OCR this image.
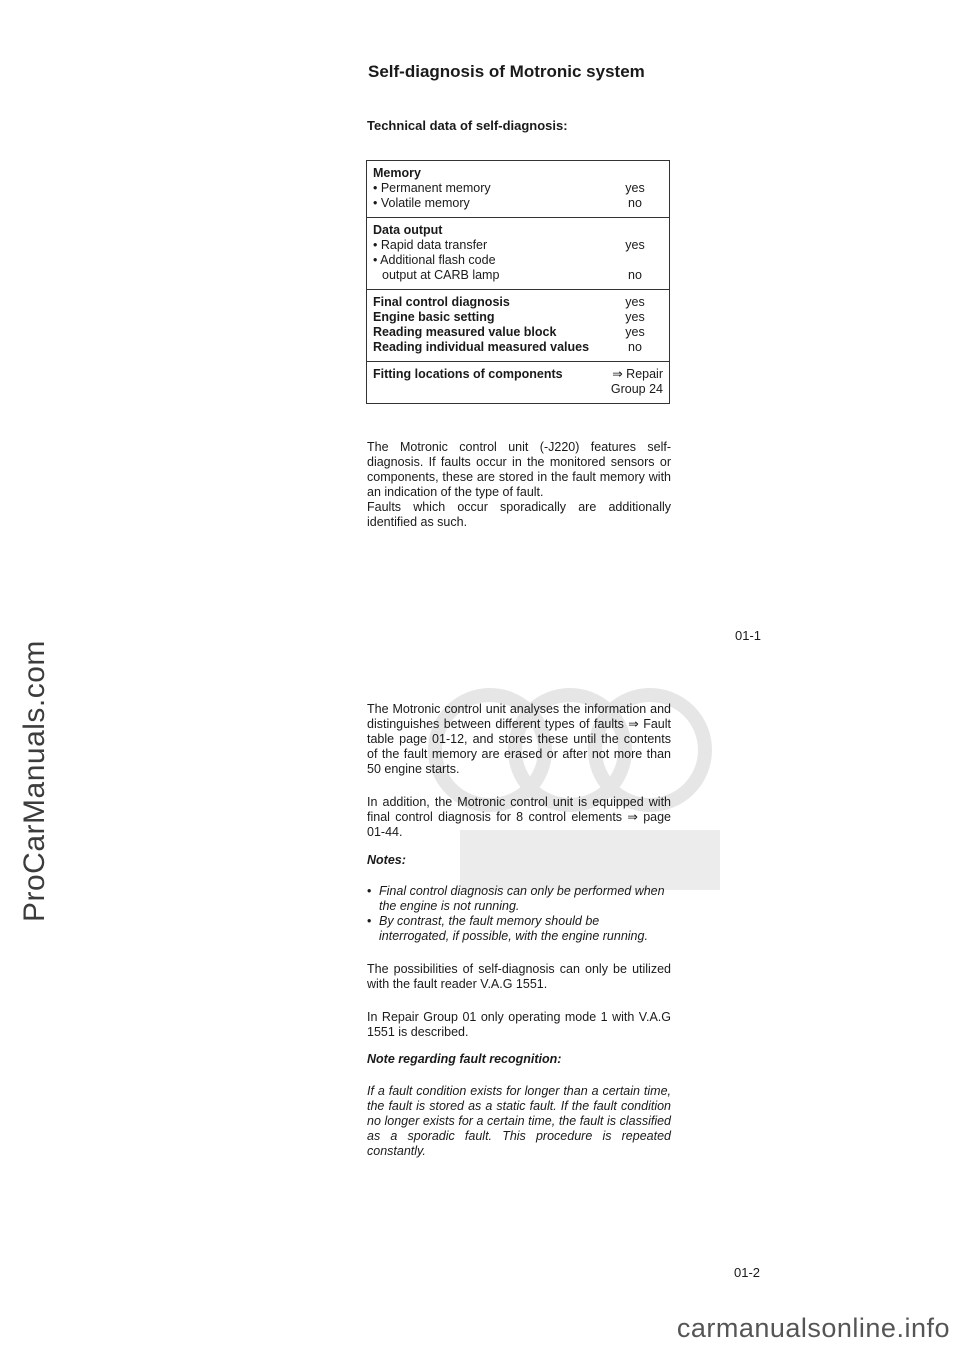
ProCarManuals.com
Self-diagnosis of Motronic system
Technical data of self-diagnosis:
Memory
• Permanent memory	yes
• Volatile memory	no
Data output
• Rapid data transfer	yes
• Additional flash code
output at CARB lamp	no
Final control diagnosis	yes
Engine basic setting	yes
Reading measured value block	yes
Reading individual measured values	no
Fitting locations of components	⇒ Repair
Group 24
The Motronic control unit (-J220) features self-diagnosis. If faults occur in the monitored sensors or components, these are stored in the fault memory with an indication of the type of fault.
Faults which occur sporadically are additionally identified as such.
01-1
The Motronic control unit analyses the information and distinguishes between different types of faults ⇒ Fault table page 01-12, and stores these until the contents of the fault memory are erased or after not more than 50 engine starts.
In addition, the Motronic control unit is equipped with final control diagnosis for 8 control elements ⇒ page 01-44.
Notes:
• Final control diagnosis can only be performed when the engine is not running.
• By contrast, the fault memory should be interrogated, if possible, with the engine running.
The possibilities of self-diagnosis can only be utilized with the fault reader V.A.G 1551.
In Repair Group 01 only operating mode 1 with V.A.G 1551 is described.
Note regarding fault recognition:
If a fault condition exists for longer than a certain time, the fault is stored as a static fault. If the fault condition no longer exists for a certain time, the fault is classified as a sporadic fault. This procedure is repeated constantly.
01-2
carmanualsonline.info
